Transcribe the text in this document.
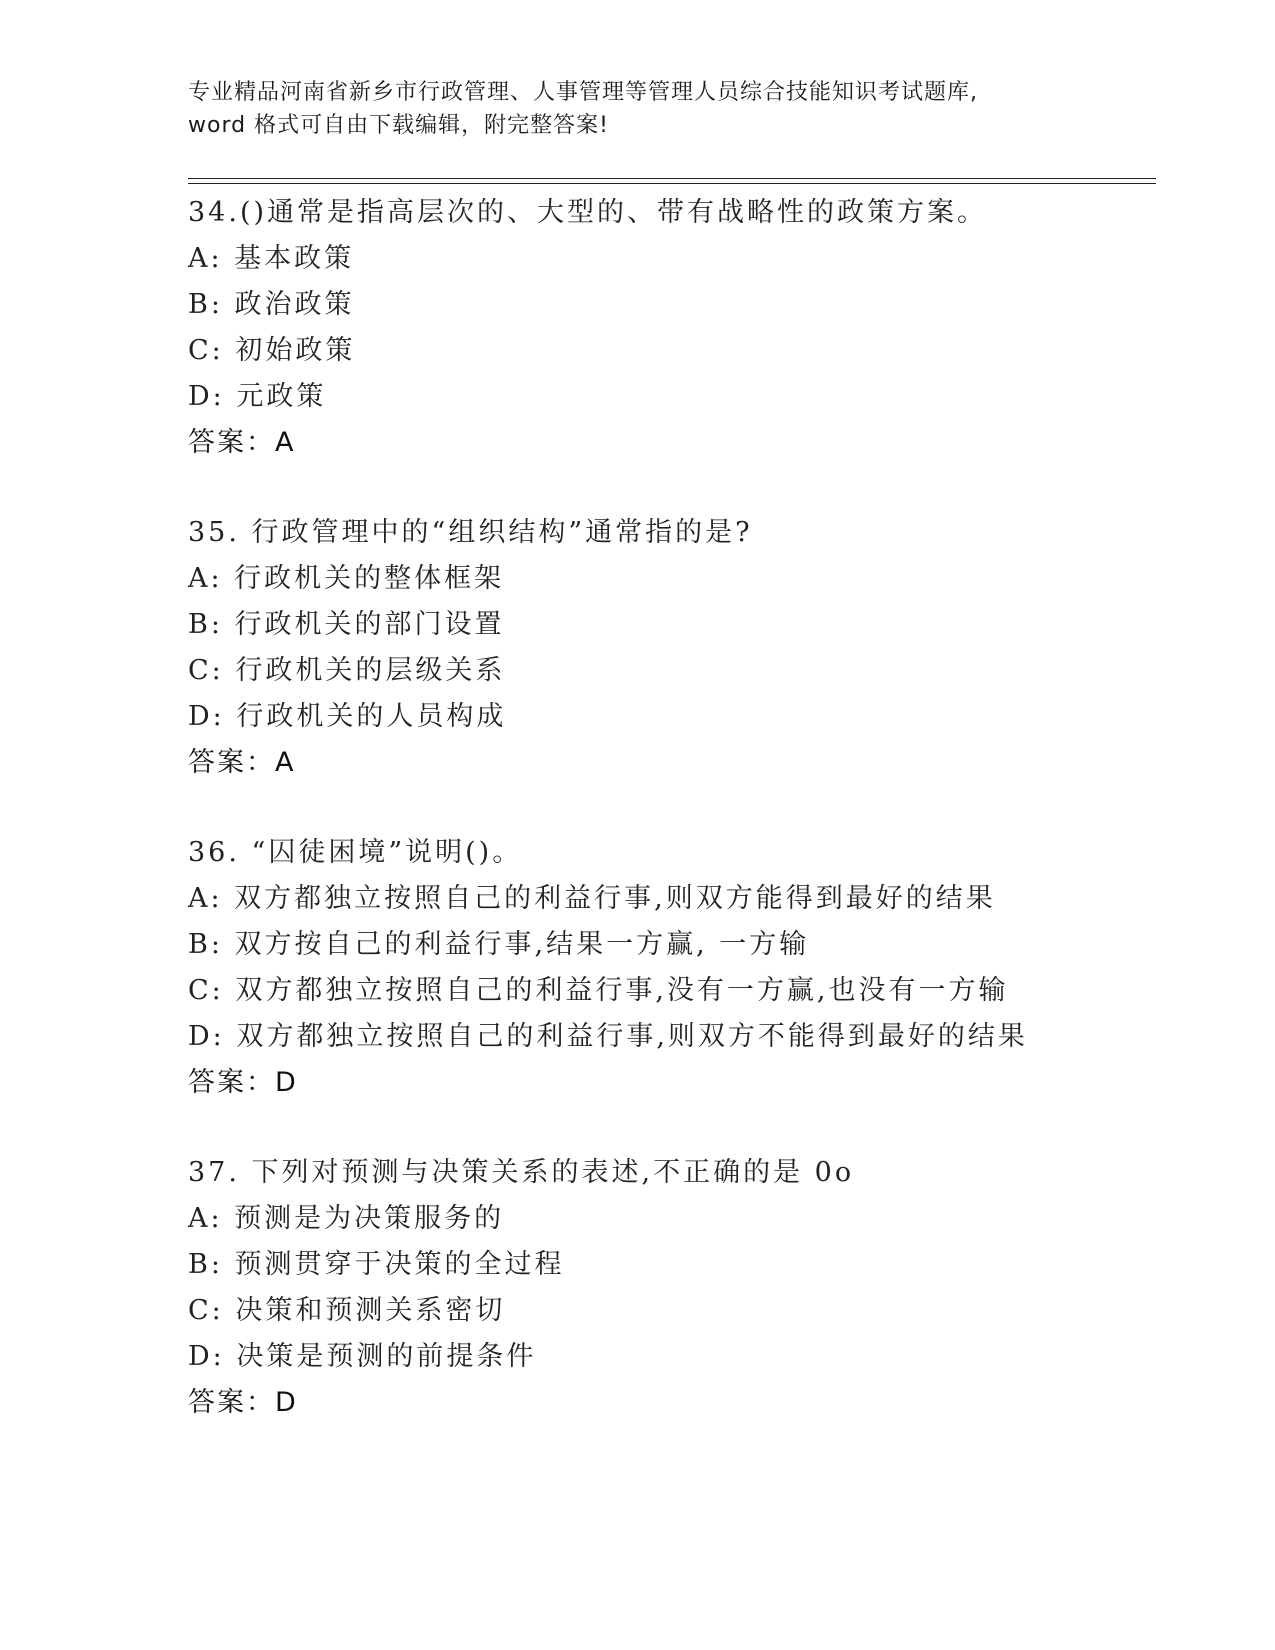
专业精品河南省新乡市行政管理、人事管理等管理人员综合技能知识考试题库,
word 格式可自由下载编辑，附完整答案!
34.()通常是指高层次的、大型的、带有战略性的政策方案。
A: 基本政策
B: 政治政策
C: 初始政策
D: 元政策
答案：A
35. 行政管理中的“组织结构”通常指的是?
A: 行政机关的整体框架
B: 行政机关的部门设置
C: 行政机关的层级关系
D: 行政机关的人员构成
答案：A
36. “囚徒困境”说明()。
A: 双方都独立按照自己的利益行事,则双方能得到最好的结果
B: 双方按自己的利益行事,结果一方赢, 一方输
C: 双方都独立按照自己的利益行事,没有一方赢,也没有一方输
D: 双方都独立按照自己的利益行事,则双方不能得到最好的结果
答案：D
37. 下列对预测与决策关系的表述,不正确的是 0o
A: 预测是为决策服务的
B: 预测贯穿于决策的全过程
C: 决策和预测关系密切
D: 决策是预测的前提条件
答案：D
